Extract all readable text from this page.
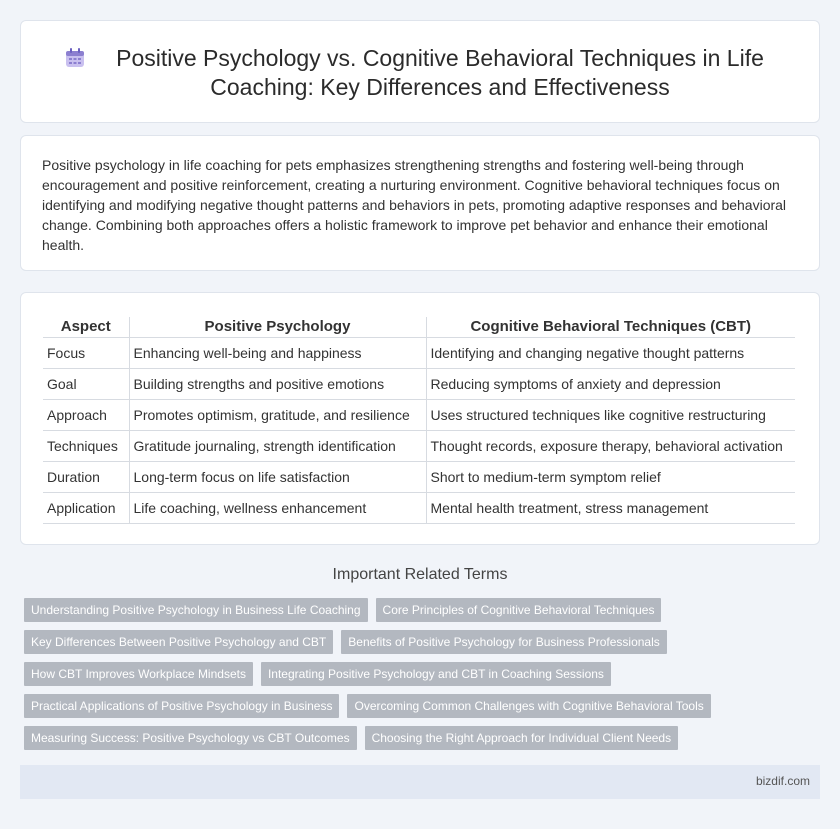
Positive Psychology vs. Cognitive Behavioral Techniques in Life Coaching: Key Differences and Effectiveness

Positive psychology in life coaching for pets emphasizes strengthening strengths and fostering well-being through encouragement and positive reinforcement, creating a nurturing environment. Cognitive behavioral techniques focus on identifying and modifying negative thought patterns and behaviors in pets, promoting adaptive responses and behavioral change. Combining both approaches offers a holistic framework to improve pet behavior and enhance their emotional health.

Aspect	Positive Psychology	Cognitive Behavioral Techniques (CBT)
Focus	Enhancing well-being and happiness	Identifying and changing negative thought patterns
Goal	Building strengths and positive emotions	Reducing symptoms of anxiety and depression
Approach	Promotes optimism, gratitude, and resilience	Uses structured techniques like cognitive restructuring
Techniques	Gratitude journaling, strength identification	Thought records, exposure therapy, behavioral activation
Duration	Long-term focus on life satisfaction	Short to medium-term symptom relief
Application	Life coaching, wellness enhancement	Mental health treatment, stress management
Important Related Terms
Understanding Positive Psychology in Business Life Coaching	Core Principles of Cognitive Behavioral Techniques
Key Differences Between Positive Psychology and CBT	Benefits of Positive Psychology for Business Professionals
How CBT Improves Workplace Mindsets	Integrating Positive Psychology and CBT in Coaching Sessions
Practical Applications of Positive Psychology in Business	Overcoming Common Challenges with Cognitive Behavioral Tools
Measuring Success: Positive Psychology vs CBT Outcomes	Choosing the Right Approach for Individual Client Needs
bizdif.com
